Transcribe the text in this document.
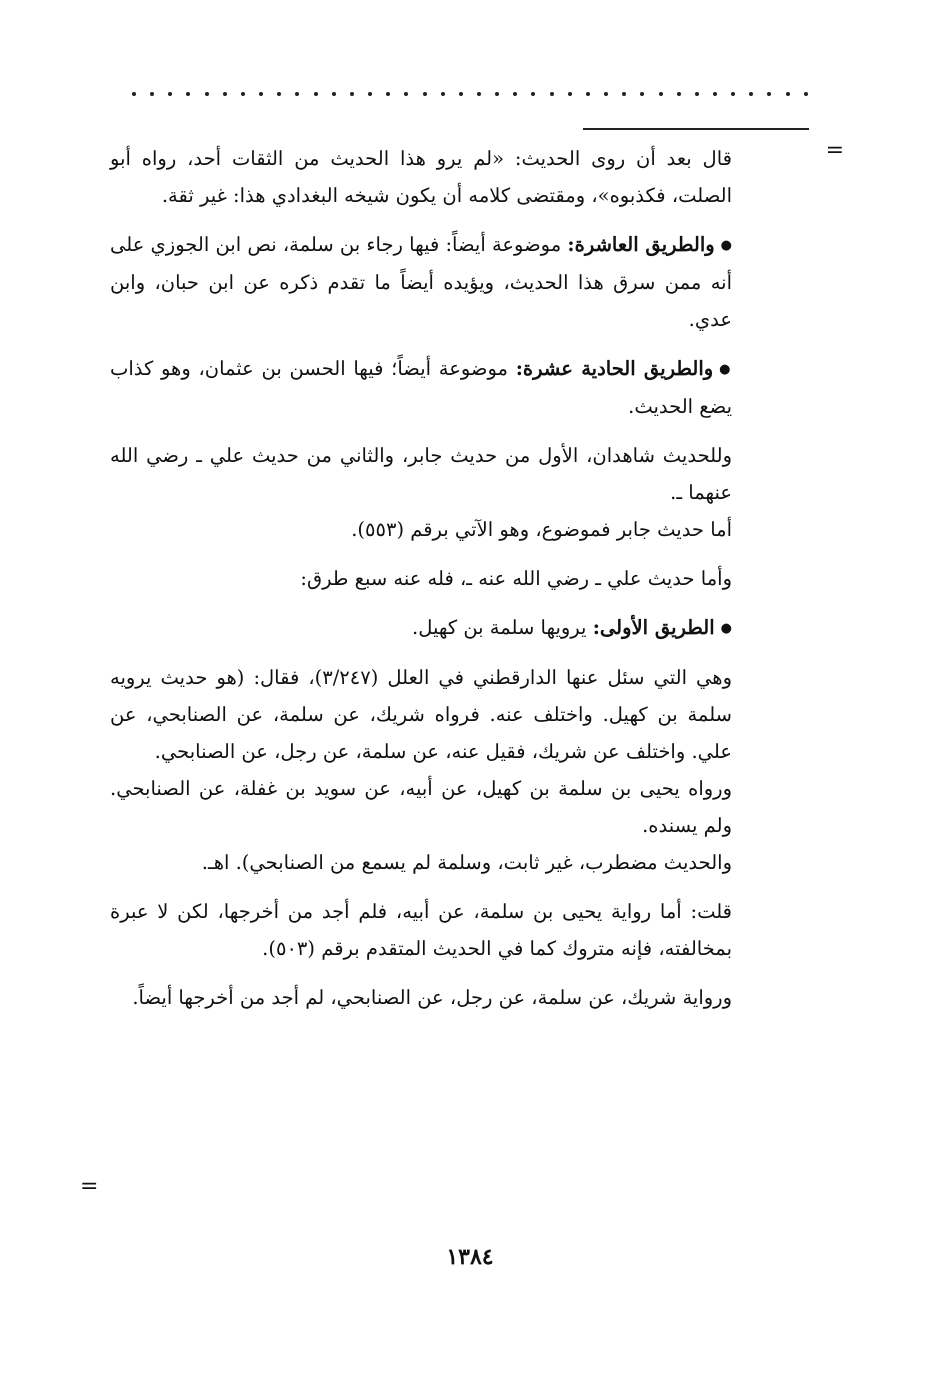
=

قال بعد أن روى الحديث: «لم يرو هذا الحديث من الثقات أحد، رواه أبو الصلت، فكذبوه»، ومقتضى كلامه أن يكون شيخه البغدادي هذا: غير ثقة.

● والطريق العاشرة: موضوعة أيضاً: فيها رجاء بن سلمة، نص ابن الجوزي على أنه ممن سرق هذا الحديث، ويؤيده أيضاً ما تقدم ذكره عن ابن حبان، وابن عدي.

● والطريق الحادية عشرة: موضوعة أيضاً؛ فيها الحسن بن عثمان، وهو كذاب يضع الحديث.

وللحديث شاهدان، الأول من حديث جابر، والثاني من حديث علي ـ رضي الله عنهما ـ.

أما حديث جابر فموضوع، وهو الآتي برقم (٥٥٣).

وأما حديث علي ـ رضي الله عنه ـ، فله عنه سبع طرق:

● الطريق الأولى: يرويها سلمة بن كهيل.

وهي التي سئل عنها الدارقطني في العلل (٣/٢٤٧)، فقال: (هو حديث يرويه سلمة بن كهيل. واختلف عنه. فرواه شريك، عن سلمة، عن الصنابحي، عن علي. واختلف عن شريك، فقيل عنه، عن سلمة، عن رجل، عن الصنابحي.

ورواه يحيى بن سلمة بن كهيل، عن أبيه، عن سويد بن غفلة، عن الصنابحي. ولم يسنده.

والحديث مضطرب، غير ثابت، وسلمة لم يسمع من الصنابحي). اهـ.

قلت: أما رواية يحيى بن سلمة، عن أبيه، فلم أجد من أخرجها، لكن لا عبرة بمخالفته، فإنه متروك كما في الحديث المتقدم برقم (٥٠٣).

ورواية شريك، عن سلمة، عن رجل، عن الصنابحي، لم أجد من أخرجها أيضاً.

=
١٣٨٤
